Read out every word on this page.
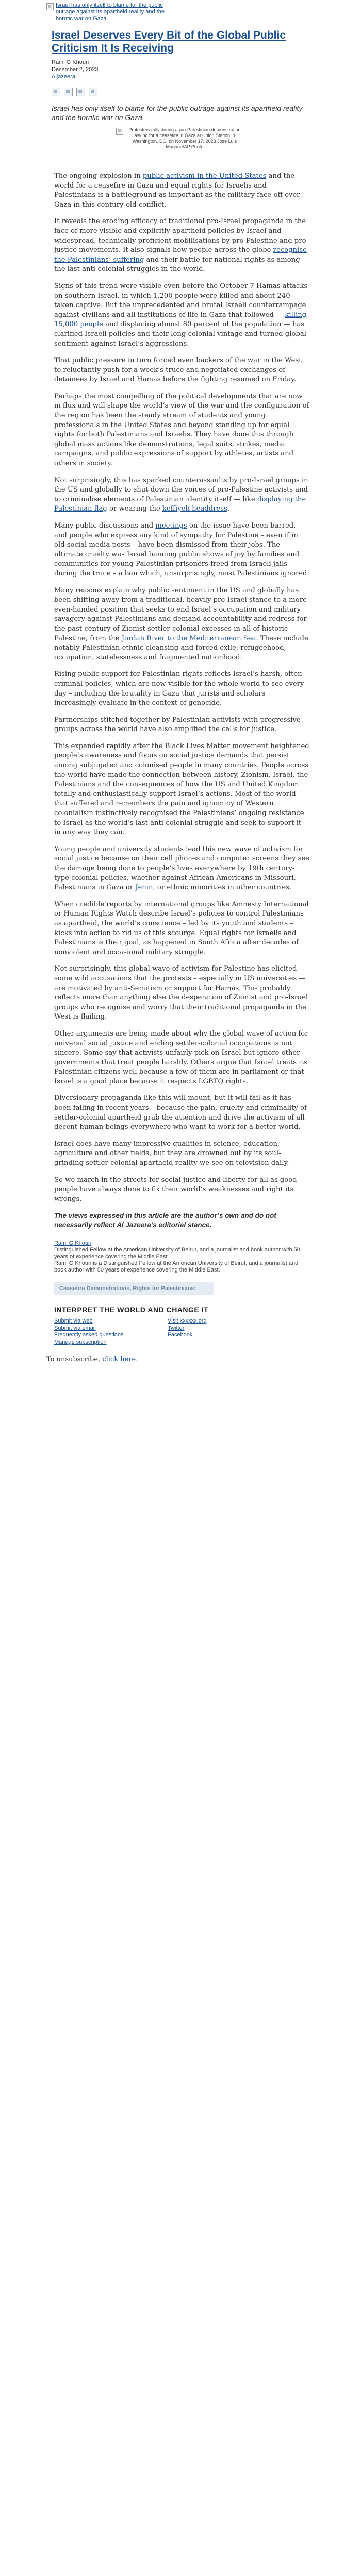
Israel has only itself to blame for the public outrage against its apartheid reality and the horrific war on Gaza
Israel Deserves Every Bit of the Global Public Criticism It Is Receiving
Rami G Khouri
December 2, 2023
Aljazeera
Israel has only itself to blame for the public outrage against its apartheid reality and the horrific war on Gaza.
Protesters rally during a pro-Palestinian demonstration asking for a ceasefire in Gaza at Union Station in Washington, DC, on November 17, 2023 Jose Luis Magana/AP Photo

The ongoing explosion in public activism in the United States and the world for a ceasefire in Gaza and equal rights for Israelis and Palestinians is a battleground as important as the military face-off over Gaza in this century-old conflict.

It reveals the eroding efficacy of traditional pro-Israel propaganda in the face of more visible and explicitly apartheid policies by Israel and widespread, technically proficient mobilisations by pro-Palestine and pro-justice movements. It also signals how people across the globe recognise the Palestinians’ suffering and their battle for national rights as among the last anti-colonial struggles in the world.

Signs of this trend were visible even before the October 7 Hamas attacks on southern Israel, in which 1,200 people were killed and about 240 taken captive. But the unprecedented and brutal Israeli counterrampage against civilians and all institutions of life in Gaza that followed — killing 15,000 people and displacing almost 80 percent of the population — has clarified Israeli policies and their long colonial vintage and turned global sentiment against Israel’s aggressions.

That public pressure in turn forced even backers of the war in the West to reluctantly push for a week’s truce and negotiated exchanges of detainees by Israel and Hamas before the fighting resumed on Friday.

Perhaps the most compelling of the political developments that are now in flux and will shape the world’s view of the war and the configuration of the region has been the steady stream of students and young professionals in the United States and beyond standing up for equal rights for both Palestinians and Israelis. They have done this through global mass actions like demonstrations, legal suits, strikes, media campaigns, and public expressions of support by athletes, artists and others in society.

Not surprisingly, this has sparked counterassaults by pro-Israel groups in the US and globally to shut down the voices of pro-Palestine activists and to criminalise elements of Palestinian identity itself — like displaying the Palestinian flag or wearing the keffiyeh headdress.

Many public discussions and meetings on the issue have been barred, and people who express any kind of sympathy for Palestine – even if in old social media posts – have been dismissed from their jobs. The ultimate cruelty was Israel banning public shows of joy by families and communities for young Palestinian prisoners freed from Israeli jails during the truce – a ban which, unsurprisingly, most Palestinians ignored.

Many reasons explain why public sentiment in the US and globally has been shifting away from a traditional, heavily pro-Israel stance to a more even-handed position that seeks to end Israel’s occupation and military savagery against Palestinians and demand accountability and redress for the past century of Zionist settler-colonial excesses in all of historic Palestine, from the Jordan River to the Mediterranean Sea. These include notably Palestinian ethnic cleansing and forced exile, refugeehood, occupation, statelessness and fragmented nationhood.

Rising public support for Palestinian rights reflects Israel’s harsh, often criminal policies, which are now visible for the whole world to see every day – including the brutality in Gaza that jurists and scholars increasingly evaluate in the context of genocide.

Partnerships stitched together by Palestinian activists with progressive groups across the world have also amplified the calls for justice.

This expanded rapidly after the Black Lives Matter movement heightened people’s awareness and focus on social justice demands that persist among subjugated and colonised people in many countries. People across the world have made the connection between history, Zionism, Israel, the Palestinians and the consequences of how the US and United Kingdom totally and enthusiastically support Israel’s actions. Most of the world that suffered and remembers the pain and ignominy of Western colonialism instinctively recognised the Palestinians’ ongoing resistance to Israel as the world’s last anti-colonial struggle and seek to support it in any way they can.

Young people and university students lead this new wave of activism for social justice because on their cell phones and computer screens they see the damage being done to people’s lives everywhere by 19th century-type colonial policies, whether against African Americans in Missouri, Palestinians in Gaza or Jenin, or ethnic minorities in other countries.

When credible reports by international groups like Amnesty International or Human Rights Watch describe Israel’s policies to control Palestinians as apartheid, the world’s conscience – led by its youth and students – kicks into action to rid us of this scourge. Equal rights for Israelis and Palestinians is their goal, as happened in South Africa after decades of nonviolent and occasional military struggle.

Not surprisingly, this global wave of activism for Palestine has elicited some wild accusations that the protests – especially in US universities — are motivated by anti-Semitism or support for Hamas. This probably reflects more than anything else the desperation of Zionist and pro-Israel groups who recognise and worry that their traditional propaganda in the West is flailing.

Other arguments are being made about why the global wave of action for universal social justice and ending settler-colonial occupations is not sincere. Some say that activists unfairly pick on Israel but ignore other governments that treat people harshly. Others argue that Israel treats its Palestinian citizens well because a few of them are in parliament or that Israel is a good place because it respects LGBTQ rights.

Diversionary propaganda like this will mount, but it will fail as it has been failing in recent years – because the pain, cruelty and criminality of settler-colonial apartheid grab the attention and drive the activism of all decent human beings everywhere who want to work for a better world.

Israel does have many impressive qualities in science, education, agriculture and other fields, but they are drowned out by its soul-grinding settler-colonial apartheid reality we see on television daily.

So we march in the streets for social justice and liberty for all as good people have always done to fix their world’s weaknesses and right its wrongs.

The views expressed in this article are the author’s own and do not necessarily reflect Al Jazeera’s editorial stance.
Rami G Khouri
Distinguished Fellow at the American University of Beirut, and a journalist and book author with 50 years of experience covering the Middle East.
Rami G Khouri is a Distinguished Fellow at the American University of Beirut, and a journalist and book author with 50 years of experience covering the Middle East.
Ceasefire Demonstrations, Rights for Palestinians:
INTERPRET THE WORLD AND CHANGE IT
Submit via web
Submit via email
Frequently asked questions
Manage subscription
Visit xxxxxx.org
Twitter
Facebook
To unsubscribe, click here.
